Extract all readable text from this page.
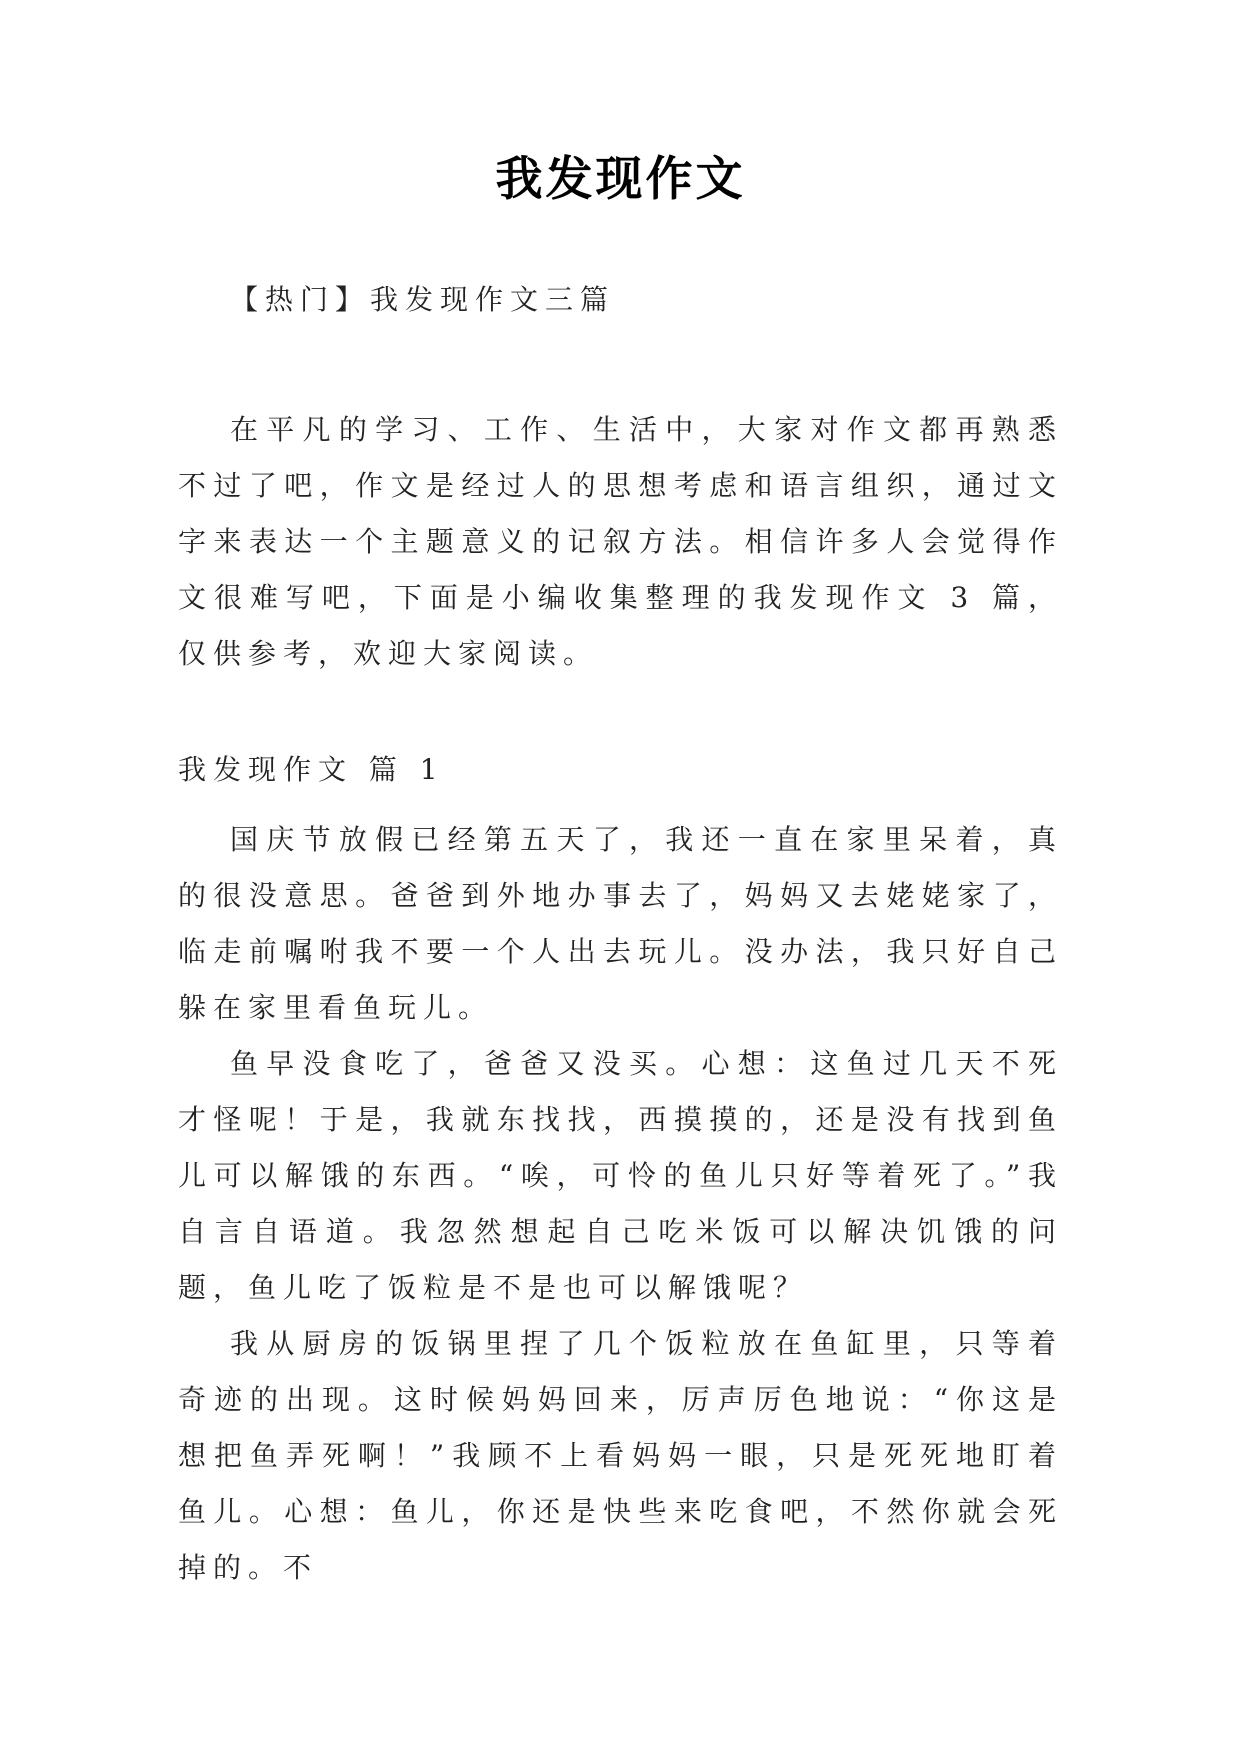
我发现作文

【热门】我发现作文三篇

在平凡的学习、工作、生活中，大家对作文都再熟悉不过了吧，作文是经过人的思想考虑和语言组织，通过文字来表达一个主题意义的记叙方法。相信许多人会觉得作文很难写吧，下面是小编收集整理的我发现作文 3 篇，仅供参考，欢迎大家阅读。

我发现作文 篇 1

国庆节放假已经第五天了，我还一直在家里呆着，真的很没意思。爸爸到外地办事去了，妈妈又去姥姥家了，临走前嘱咐我不要一个人出去玩儿。没办法，我只好自己躲在家里看鱼玩儿。

鱼早没食吃了，爸爸又没买。心想：这鱼过几天不死才怪呢！于是，我就东找找，西摸摸的，还是没有找到鱼儿可以解饿的东西。“唉，可怜的鱼儿只好等着死了。”我自言自语道。我忽然想起自己吃米饭可以解决饥饿的问题，鱼儿吃了饭粒是不是也可以解饿呢？

我从厨房的饭锅里捏了几个饭粒放在鱼缸里，只等着奇迹的出现。这时候妈妈回来，厉声厉色地说：“你这是想把鱼弄死啊！”我顾不上看妈妈一眼，只是死死地盯着鱼儿。心想：鱼儿，你还是快些来吃食吧，不然你就会死掉的。不
